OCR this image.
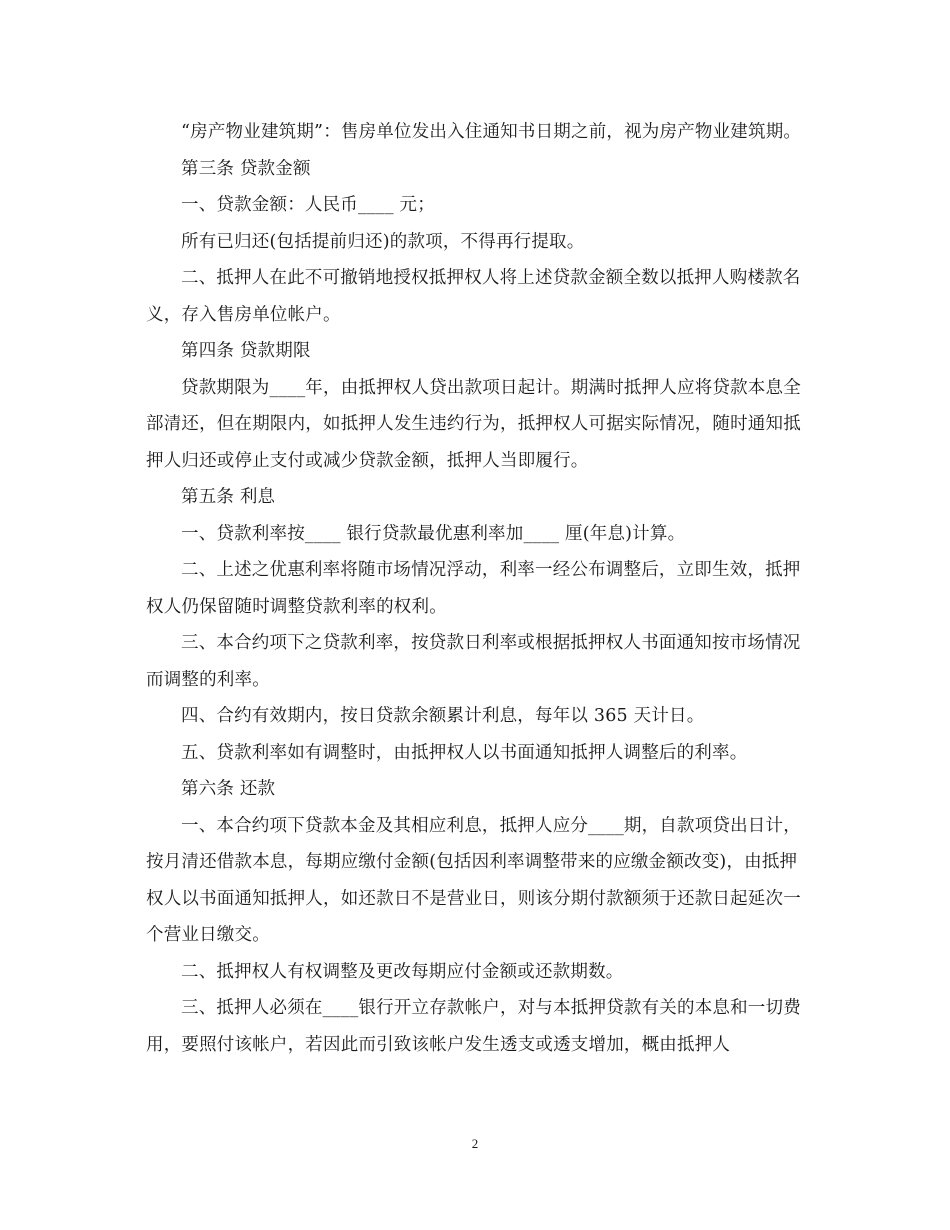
“房产物业建筑期”：售房单位发出入住通知书日期之前，视为房产物业建筑期。

第三条 贷款金额

一、贷款金额：人民币____ 元；

所有已归还(包括提前归还)的款项，不得再行提取。

二、抵押人在此不可撤销地授权抵押权人将上述贷款金额全数以抵押人购楼款名义，存入售房单位帐户。

第四条 贷款期限

贷款期限为____年，由抵押权人贷出款项日起计。期满时抵押人应将贷款本息全部清还，但在期限内，如抵押人发生违约行为，抵押权人可据实际情况，随时通知抵押人归还或停止支付或减少贷款金额，抵押人当即履行。

第五条 利息

一、贷款利率按____ 银行贷款最优惠利率加____ 厘(年息)计算。

二、上述之优惠利率将随市场情况浮动，利率一经公布调整后，立即生效，抵押权人仍保留随时调整贷款利率的权利。

三、本合约项下之贷款利率，按贷款日利率或根据抵押权人书面通知按市场情况而调整的利率。

四、合约有效期内，按日贷款余额累计利息，每年以 365 天计日。

五、贷款利率如有调整时，由抵押权人以书面通知抵押人调整后的利率。

第六条 还款

一、本合约项下贷款本金及其相应利息，抵押人应分____期，自款项贷出日计，按月清还借款本息，每期应缴付金额(包括因利率调整带来的应缴金额改变)，由抵押权人以书面通知抵押人，如还款日不是营业日，则该分期付款额须于还款日起延次一个营业日缴交。

二、抵押权人有权调整及更改每期应付金额或还款期数。

三、抵押人必须在____银行开立存款帐户，对与本抵押贷款有关的本息和一切费用，要照付该帐户，若因此而引致该帐户发生透支或透支增加，概由抵押人

2
